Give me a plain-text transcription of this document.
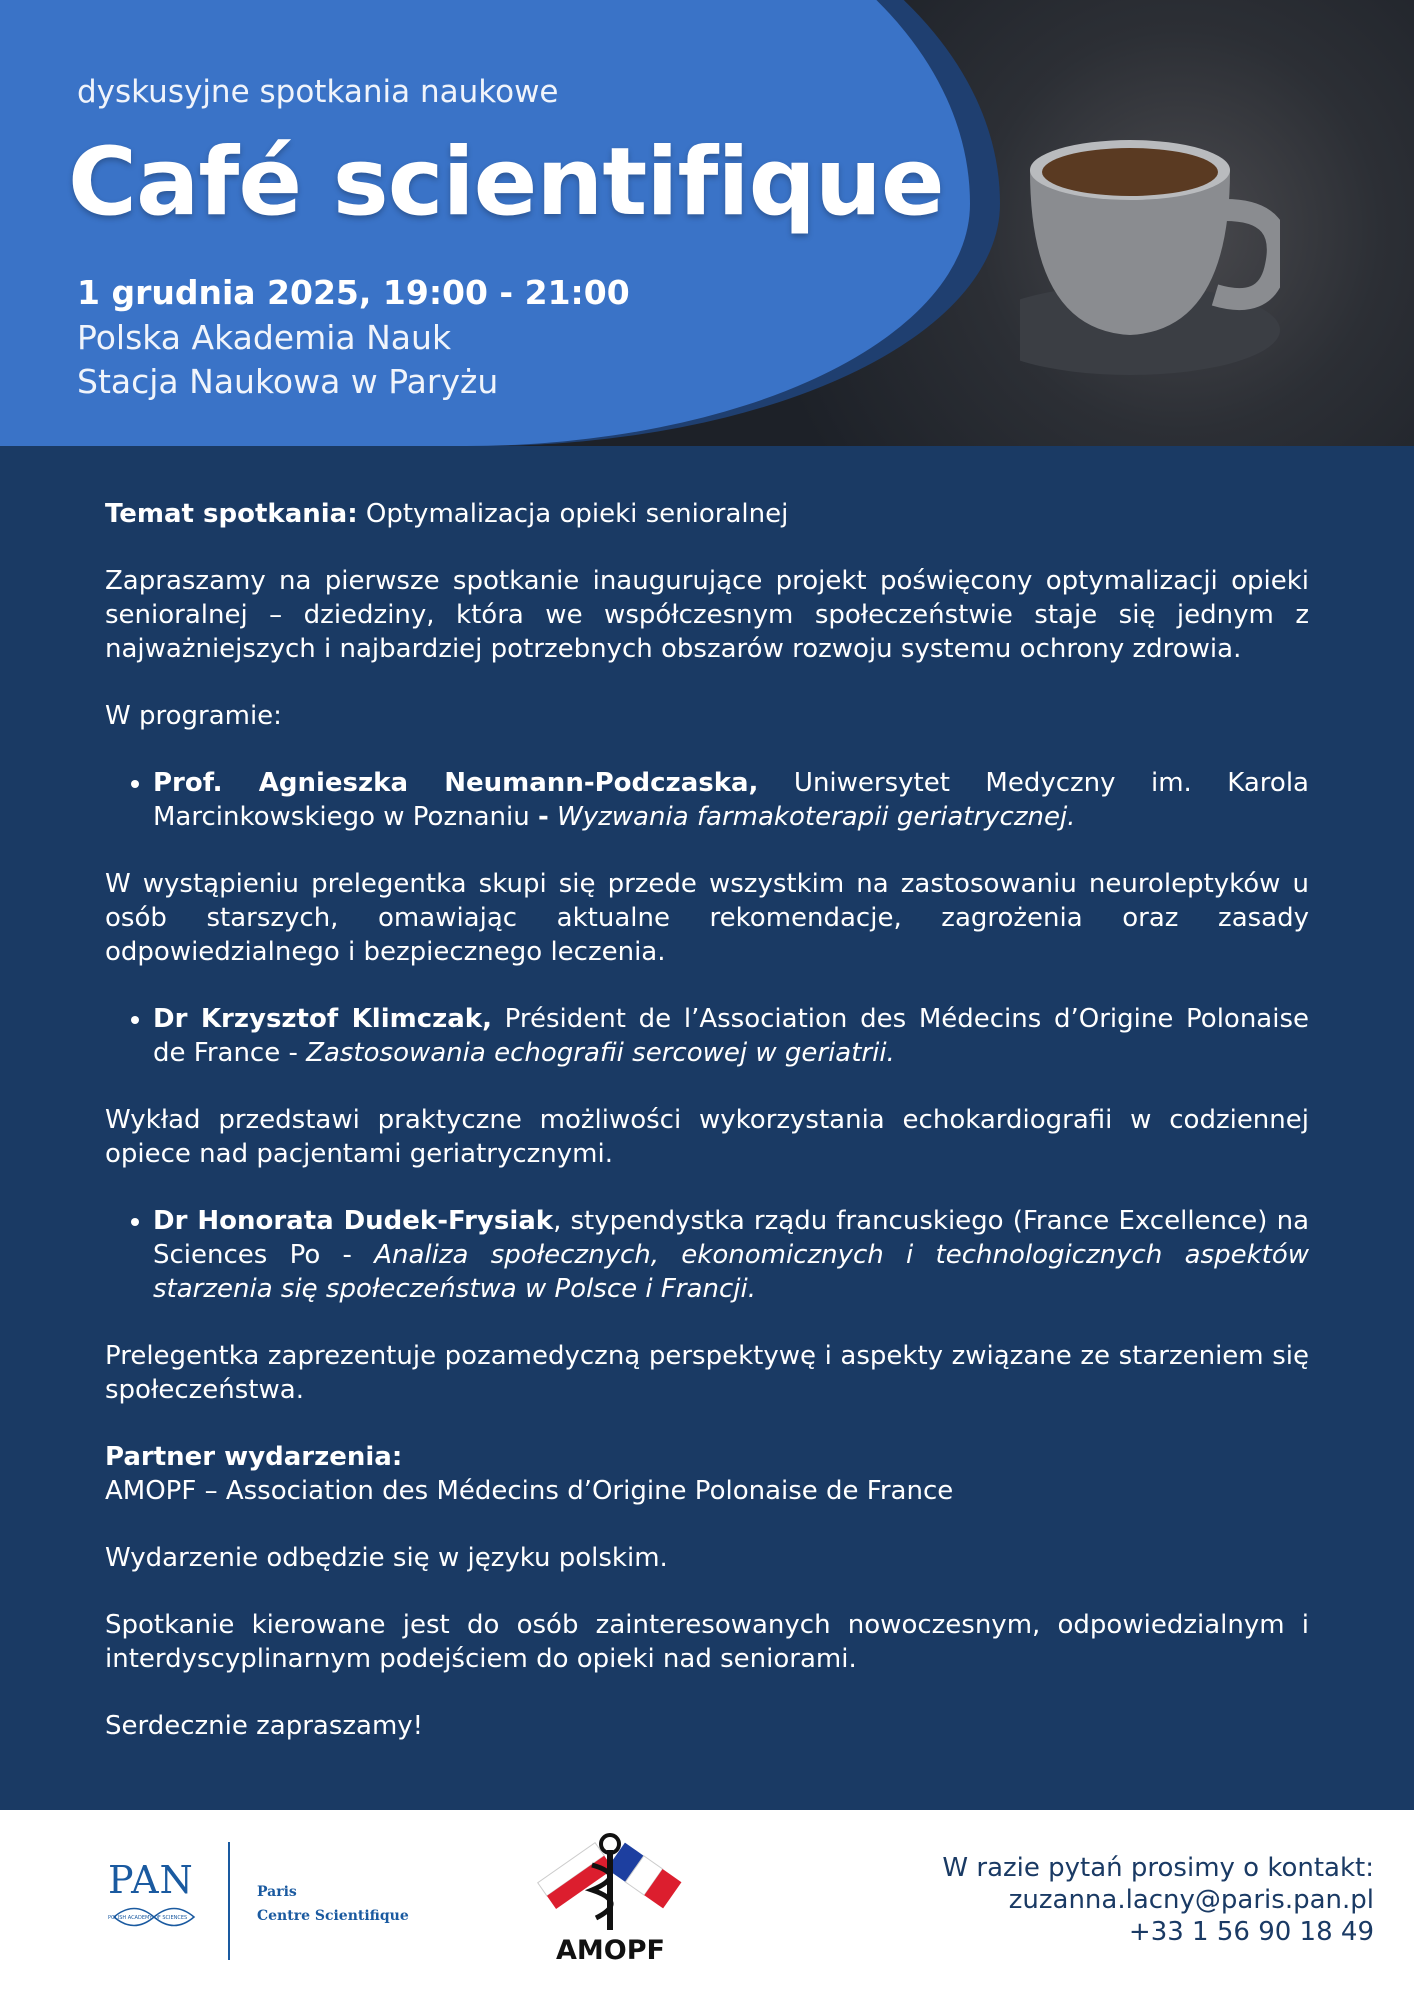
dyskusyjne spotkania naukowe
Café scientifique
1 grudnia 2025, 19:00 - 21:00
Polska Akademia Nauk
Stacja Naukowa w Paryżu

Temat spotkania: Optymalizacja opieki senioralnej

Zapraszamy na pierwsze spotkanie inaugurujące projekt poświęcony optymalizacji opieki senioralnej – dziedziny, która we współczesnym społeczeństwie staje się jednym z najważniejszych i najbardziej potrzebnych obszarów rozwoju systemu ochrony zdrowia.

W programie:

• Prof. Agnieszka Neumann-Podczaska, Uniwersytet Medyczny im. Karola Marcinkowskiego w Poznaniu - Wyzwania farmakoterapii geriatrycznej.

W wystąpieniu prelegentka skupi się przede wszystkim na zastosowaniu neuroleptyków u osób starszych, omawiając aktualne rekomendacje, zagrożenia oraz zasady odpowiedzialnego i bezpiecznego leczenia.

• Dr Krzysztof Klimczak, Président de l’Association des Médecins d’Origine Polonaise de France - Zastosowania echografii sercowej w geriatrii.

Wykład przedstawi praktyczne możliwości wykorzystania echokardiografii w codziennej opiece nad pacjentami geriatrycznymi.

• Dr Honorata Dudek-Frysiak, stypendystka rządu francuskiego (France Excellence) na Sciences Po - Analiza społecznych, ekonomicznych i technologicznych aspektów starzenia się społeczeństwa w Polsce i Francji.

Prelegentka zaprezentuje pozamedyczną perspektywę i aspekty związane ze starzeniem się społeczeństwa.

Partner wydarzenia:
AMOPF – Association des Médecins d’Origine Polonaise de France

Wydarzenie odbędzie się w języku polskim.

Spotkanie kierowane jest do osób zainteresowanych nowoczesnym, odpowiedzialnym i interdyscyplinarnym podejściem do opieki nad seniorami.

Serdecznie zapraszamy!

PAN
POLISH ACADEMY OF SCIENCES
Paris
Centre Scientifique
AMOPF
W razie pytań prosimy o kontakt:
zuzanna.lacny@paris.pan.pl
+33 1 56 90 18 49
